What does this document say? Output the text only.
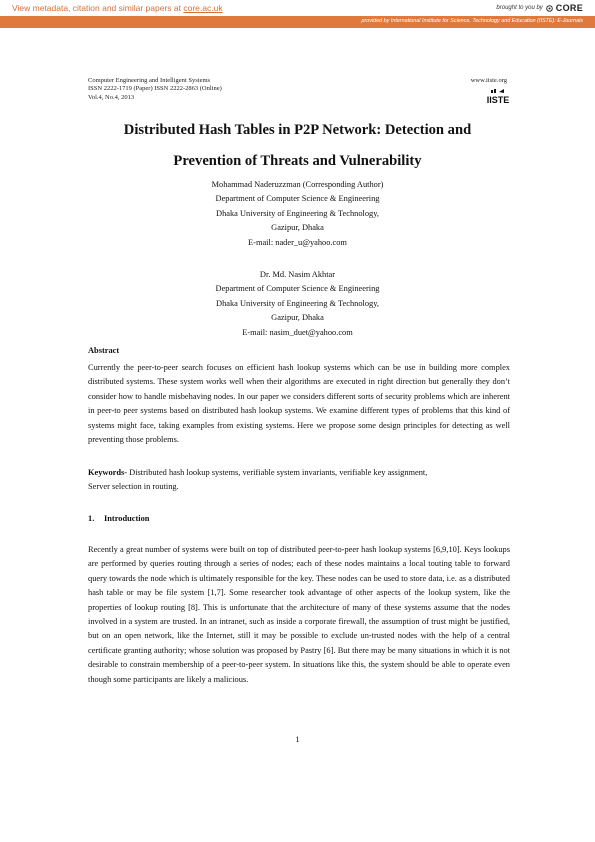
View metadata, citation and similar papers at core.ac.uk	brought to you by CORE
provided by International Institute for Science, Technology and Education (IISTE): E-Journals
Computer Engineering and Intelligent Systems
ISSN 2222-1719 (Paper) ISSN 2222-2863 (Online)
Vol.4, No.4, 2013
www.iiste.org
IISTE
Distributed Hash Tables in P2P Network: Detection and
Prevention of Threats and Vulnerability
Mohammad Naderuzzman (Corresponding Author)
Department of Computer Science & Engineering
Dhaka University of Engineering & Technology,
Gazipur, Dhaka
E-mail: nader_u@yahoo.com
Dr. Md. Nasim Akhtar
Department of Computer Science & Engineering
Dhaka University of Engineering & Technology,
Gazipur, Dhaka
E-mail: nasim_duet@yahoo.com
Abstract
Currently the peer-to-peer search focuses on efficient hash lookup systems which can be use in building more complex distributed systems. These system works well when their algorithms are executed in right direction but generally they don’t consider how to handle misbehaving nodes. In our paper we considers different sorts of security problems which are inherent in peer-to peer systems based on distributed hash lookup systems. We examine different types of problems that this kind of systems might face, taking examples from existing systems. Here we propose some design principles for detecting as well preventing those problems.
Keywords- Distributed hash lookup systems, verifiable system invariants, verifiable key assignment,
Server selection in routing.
1. Introduction
Recently a great number of systems were built on top of distributed peer-to-peer hash lookup systems [6,9,10]. Keys lookups are performed by queries routing through a series of nodes; each of these nodes maintains a local touting table to forward query towards the node which is ultimately responsible for the key. These nodes can be used to store data, i.e. as a distributed hash table or may be file system [1,7]. Some researcher took advantage of other aspects of the lookup system, like the properties of lookup routing [8]. This is unfortunate that the architecture of many of these systems assume that the nodes involved in a system are trusted. In an intranet, such as inside a corporate firewall, the assumption of trust might be justified, but on an open network, like the Internet, still it may be possible to exclude un-trusted nodes with the help of a central certificate granting authority; whose solution was proposed by Pastry [6]. But there may be many situations in which it is not desirable to constrain membership of a peer-to-peer system. In situations like this, the system should be able to operate even though some participants are likely a malicious.
1
